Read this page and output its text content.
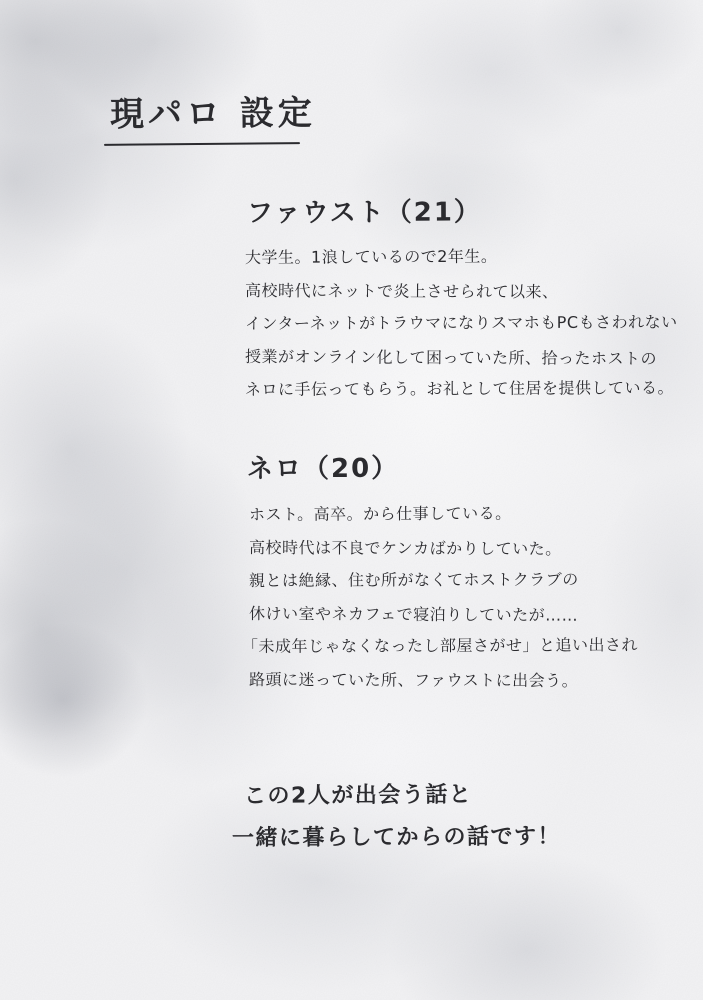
現パロ 設定
ファウスト（21）
大学生。1浪しているので2年生。
高校時代にネットで炎上させられて以来、
インターネットがトラウマになりスマホもPCもさわれない
授業がオンライン化して困っていた所、拾ったホストの
ネロに手伝ってもらう。お礼として住居を提供している。
ネロ（20）
ホスト。高卒。から仕事している。
高校時代は不良でケンカばかりしていた。
親とは絶縁、住む所がなくてホストクラブの
休けい室やネカフェで寝泊りしていたが……
「未成年じゃなくなったし部屋さがせ」と追い出され
路頭に迷っていた所、ファウストに出会う。
この2人が出会う話と
一緒に暮らしてからの話です！
